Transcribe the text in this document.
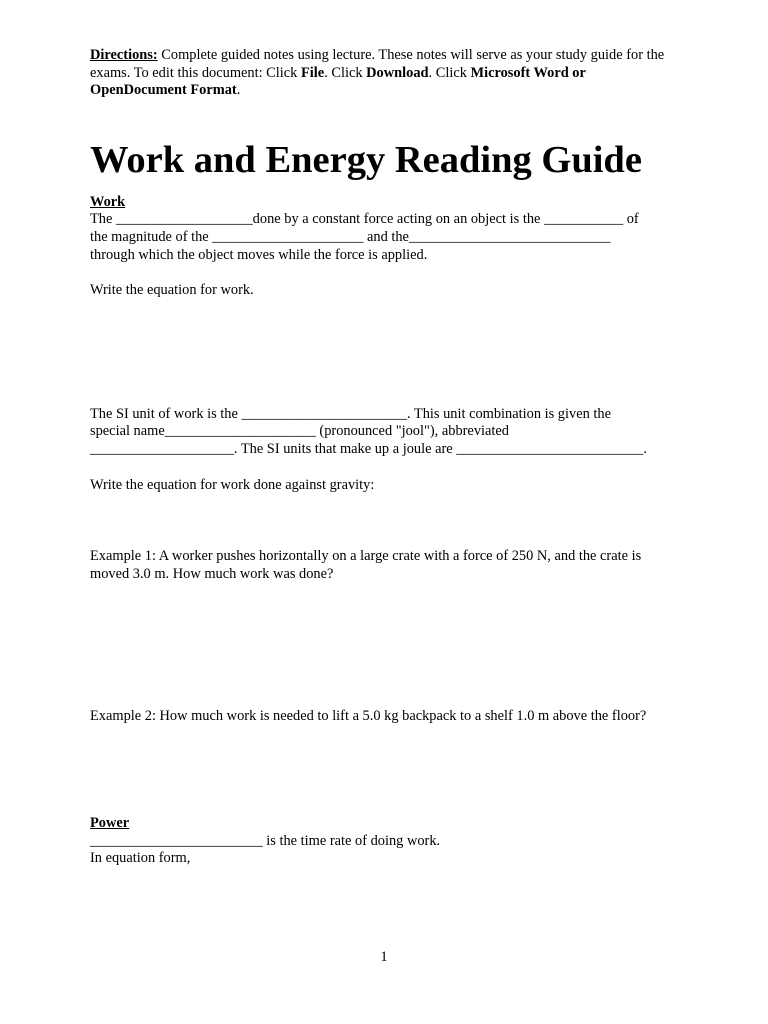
Directions: Complete guided notes using lecture. These notes will serve as your study guide for the exams. To edit this document: Click File. Click Download. Click Microsoft Word or OpenDocument Format.

Work and Energy Reading Guide

Work

The ___________________done by a constant force acting on an object is the ___________ of

the magnitude of the _____________________ and the____________________________

through which the object moves while the force is applied.

Write the equation for work.

The SI unit of work is the _______________________. This unit combination is given the

special name_____________________ (pronounced "jool"), abbreviated

____________________. The SI units that make up a joule are __________________________.

Write the equation for work done against gravity:

Example 1: A worker pushes horizontally on a large crate with a force of 250 N, and the crate is

moved 3.0 m. How much work was done?

Example 2: How much work is needed to lift a 5.0 kg backpack to a shelf 1.0 m above the floor?

Power

________________________ is the time rate of doing work.

In equation form,

1
